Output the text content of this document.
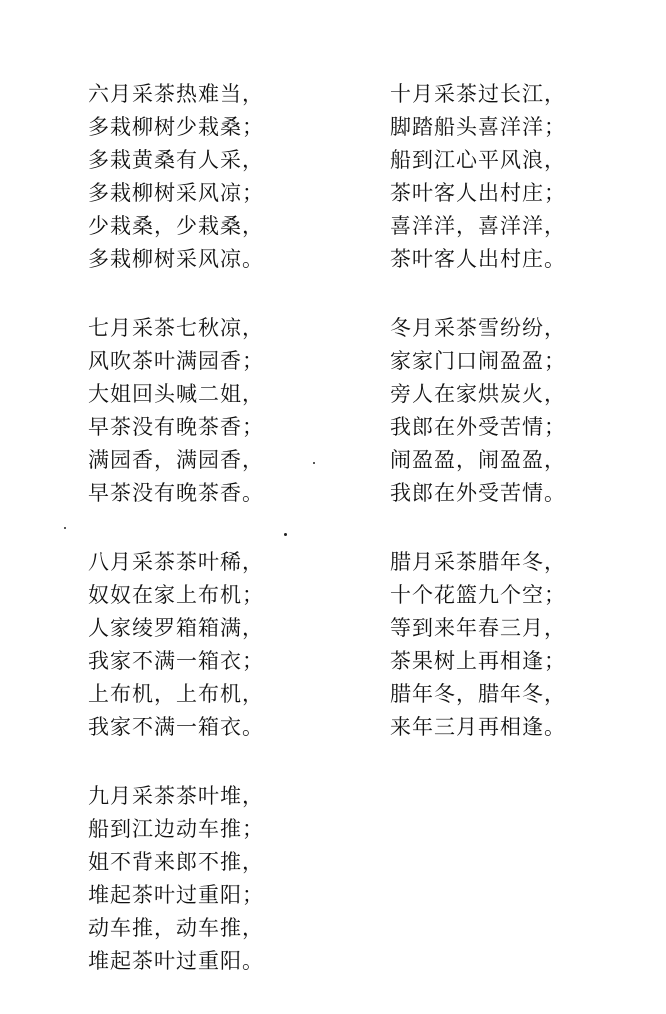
六月采茶热难当，
多栽柳树少栽桑；
多栽黄桑有人采，
多栽柳树采风凉；
少栽桑，少栽桑，
多栽柳树采风凉。
七月采茶七秋凉，
风吹茶叶满园香；
大姐回头喊二姐，
早茶没有晚茶香；
满园香，满园香，
早茶没有晚茶香。
八月采茶茶叶稀，
奴奴在家上布机；
人家绫罗箱箱满，
我家不满一箱衣；
上布机，上布机，
我家不满一箱衣。
九月采茶茶叶堆，
船到江边动车推；
姐不背来郎不推，
堆起茶叶过重阳；
动车推，动车推，
堆起茶叶过重阳。
十月采茶过长江，
脚踏船头喜洋洋；
船到江心平风浪，
茶叶客人出村庄；
喜洋洋，喜洋洋，
茶叶客人出村庄。
冬月采茶雪纷纷，
家家门口闹盈盈；
旁人在家烘炭火，
我郎在外受苦情；
闹盈盈，闹盈盈，
我郎在外受苦情。
腊月采茶腊年冬，
十个花篮九个空；
等到来年春三月，
茶果树上再相逢；
腊年冬，腊年冬，
来年三月再相逢。
